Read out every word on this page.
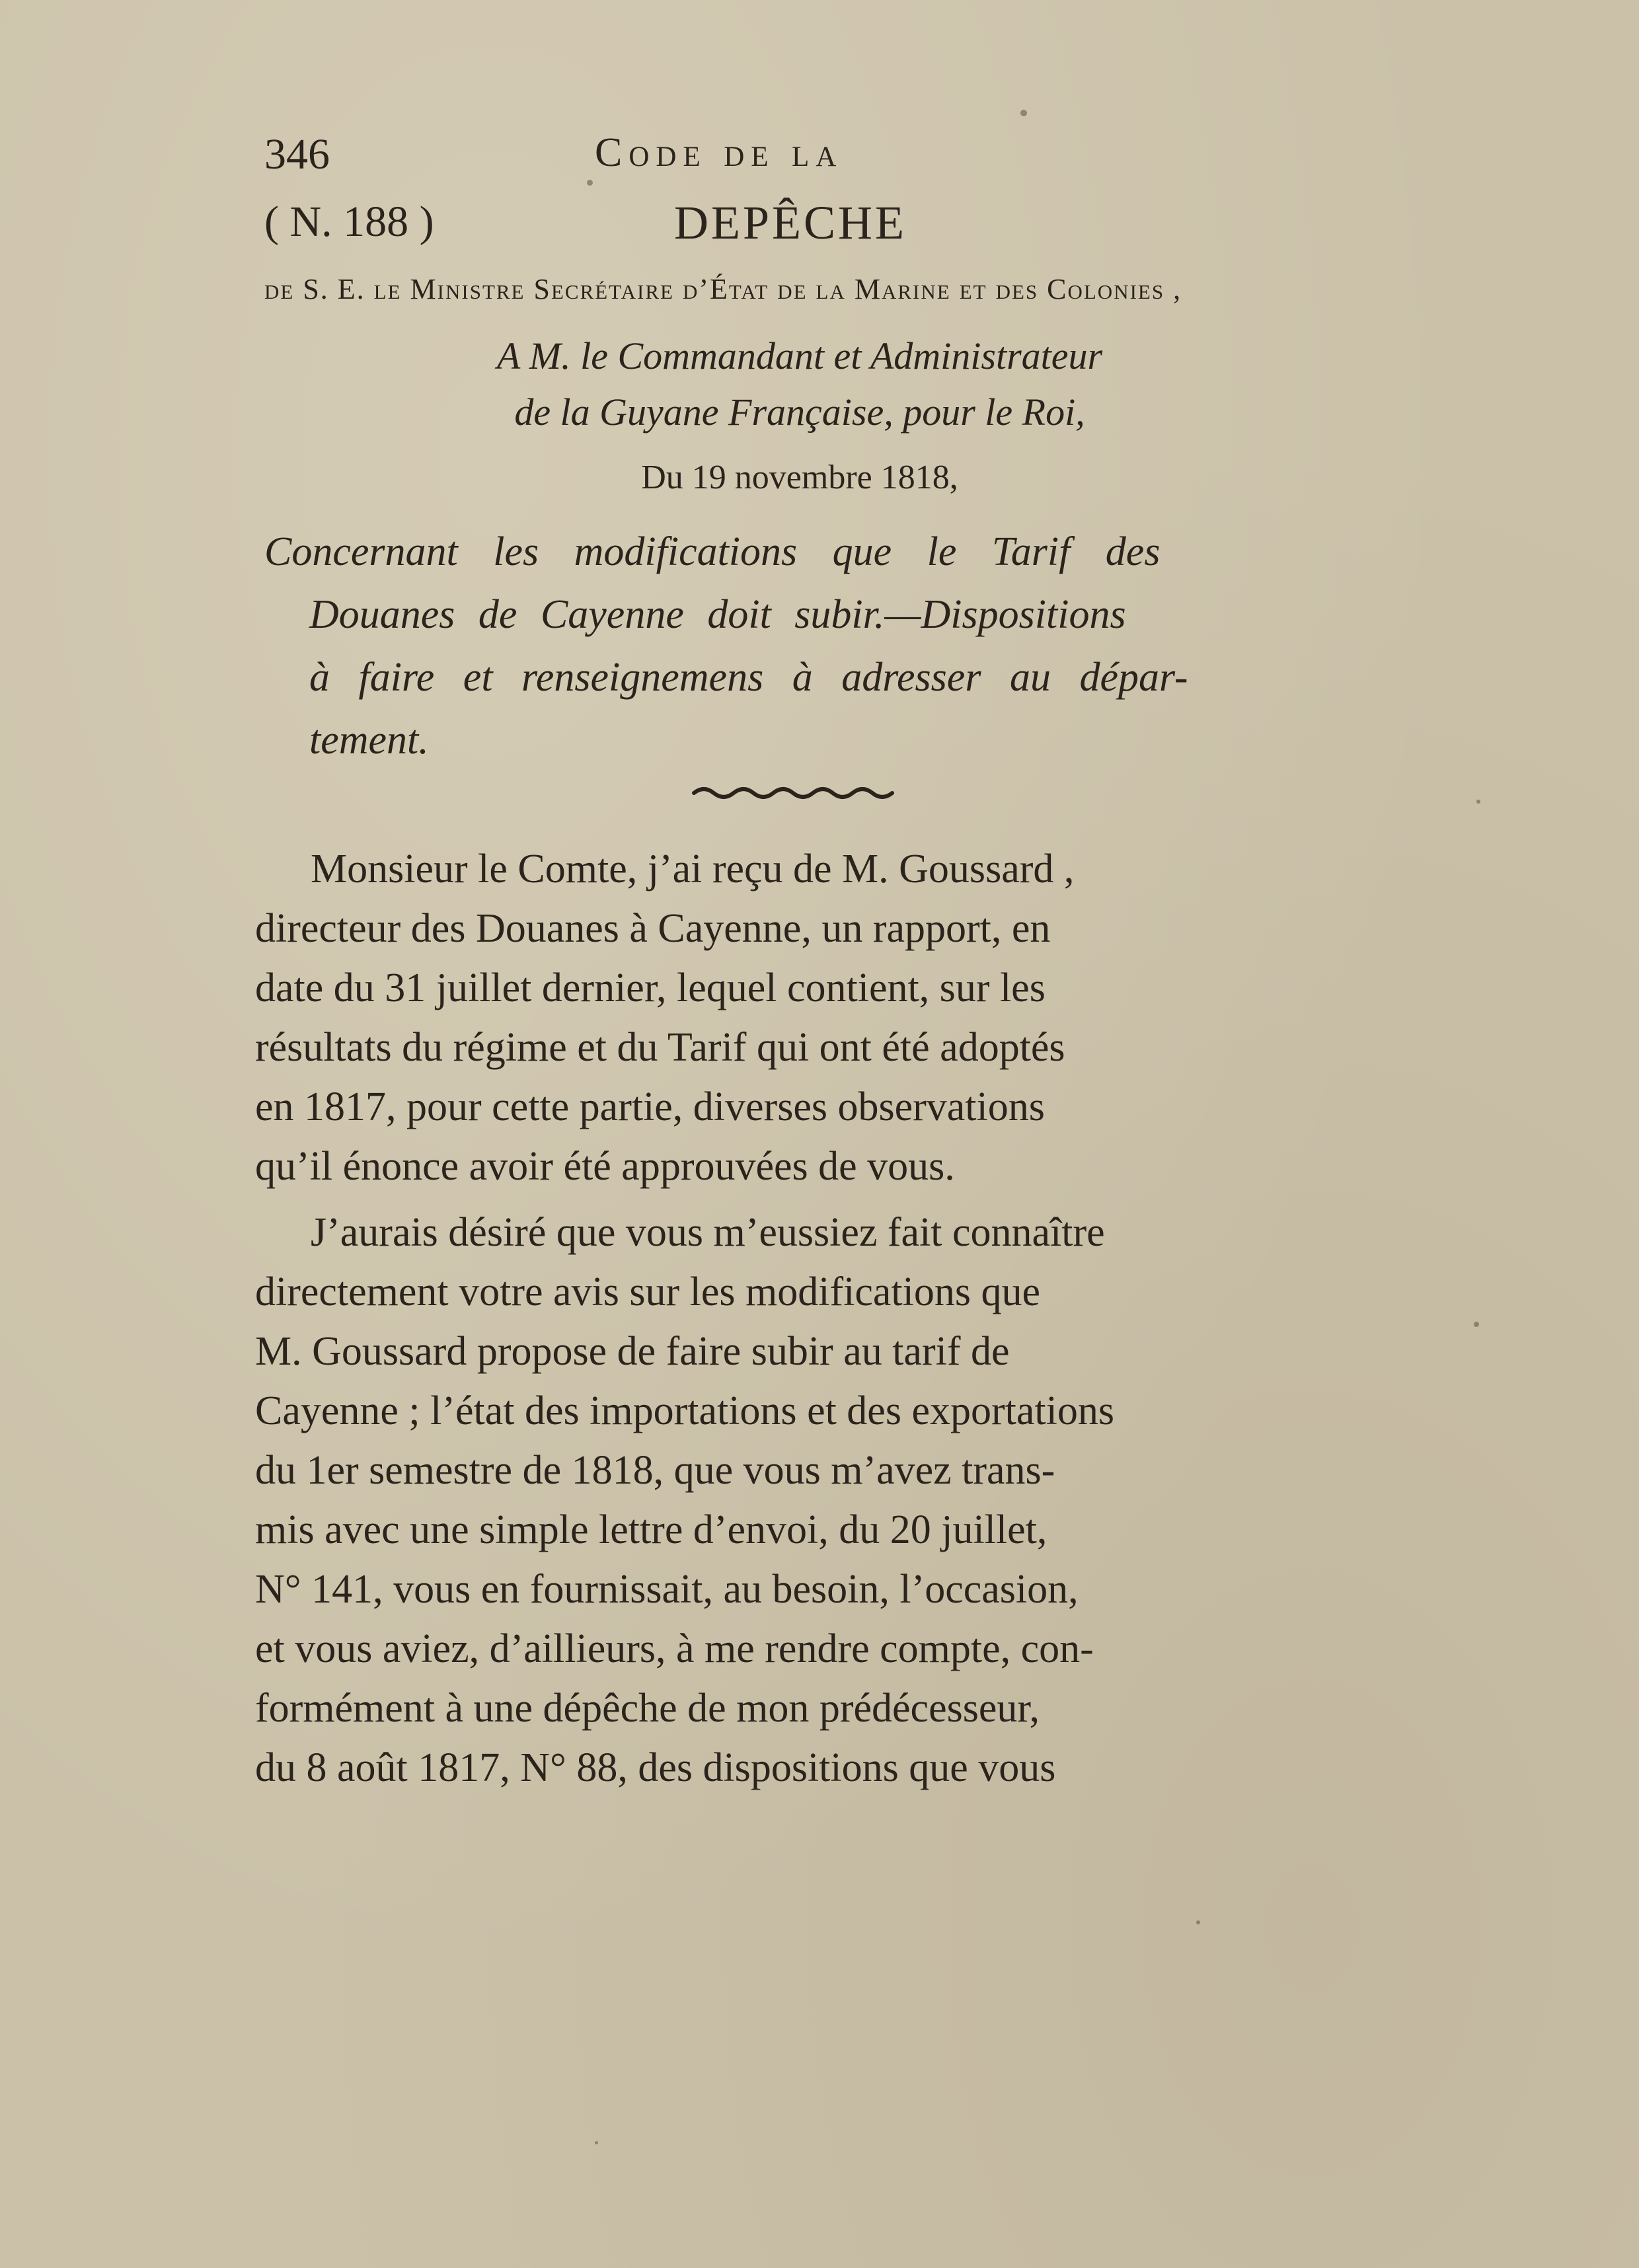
346	Code de la
( N. 188 )	DEPÊCHE
de S. E. le Ministre Secrétaire d’État de la Marine et des Colonies ,
A M. le Commandant et Administrateur
de la Guyane Française, pour le Roi,
Du 19 novembre 1818,
Concernant les modifications que le Tarif des
Douanes de Cayenne doit subir.—Dispositions
à faire et renseignemens à adresser au dépar-
tement.
Monsieur le Comte, j’ai reçu de M. Goussard ,
directeur des Douanes à Cayenne, un rapport, en
date du 31 juillet dernier, lequel contient, sur les
résultats du régime et du Tarif qui ont été adoptés
en 1817, pour cette partie, diverses observations
qu’il énonce avoir été approuvées de vous.
J’aurais désiré que vous m’eussiez fait connaître
directement votre avis sur les modifications que
M. Goussard propose de faire subir au tarif de
Cayenne ; l’état des importations et des exportations
du 1er semestre de 1818, que vous m’avez trans-
mis avec une simple lettre d’envoi, du 20 juillet,
N° 141, vous en fournissait, au besoin, l’occasion,
et vous aviez, d’aillieurs, à me rendre compte, con-
formément à une dépêche de mon prédécesseur,
du 8 août 1817, N° 88, des dispositions que vous
